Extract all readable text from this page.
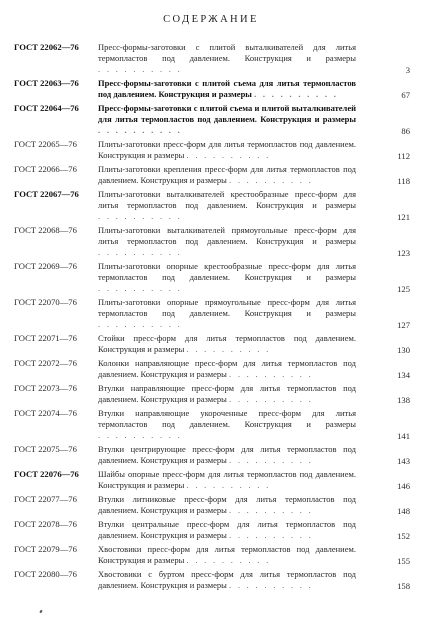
СОДЕРЖАНИЕ
ГОСТ 22062—76	Пресс-формы-заготовки с плитой выталкивателей для литья термопластов под давлением. Конструкция и размеры . . . . . . . . . .	3
ГОСТ 22063—76	Пресс-формы-заготовки с плитой съема для литья термопластов под давлением. Конструкция и размеры . . . . . . . . . .	67
ГОСТ 22064—76	Пресс-формы-заготовки с плитой съема и плитой выталкивателей для литья термопластов под давлением. Конструкция и размеры . . . . . . . . . .	86
ГОСТ 22065—76	Плиты-заготовки пресс-форм для литья термопластов под давлением. Конструкция и размеры . . . . . . . . . .	112
ГОСТ 22066—76	Плиты-заготовки крепления пресс-форм для литья термопластов под давлением. Конструкция и размеры . . . . . . . . . .	118
ГОСТ 22067—76	Плиты-заготовки выталкивателей крестообразные пресс-форм для литья термопластов под давлением. Конструкция и размеры . . . . . . . . . .	121
ГОСТ 22068—76	Плиты-заготовки выталкивателей прямоугольные пресс-форм для литья термопластов под давлением. Конструкция и размеры . . . . . . . . . .	123
ГОСТ 22069—76	Плиты-заготовки опорные крестообразные пресс-форм для литья термопластов под давлением. Конструкция и размеры . . . . . . . . . .	125
ГОСТ 22070—76	Плиты-заготовки опорные прямоугольные пресс-форм для литья термопластов под давлением. Конструкция и размеры . . . . . . . . . .	127
ГОСТ 22071—76	Стойки пресс-форм для литья термопластов под давлением. Конструкция и размеры . . . . . . . . . .	130
ГОСТ 22072—76	Колонки направляющие пресс-форм для литья термопластов под давлением. Конструкция и размеры . . . . . . . . . .	134
ГОСТ 22073—76	Втулки направляющие пресс-форм для литья термопластов под давлением. Конструкция и размеры . . . . . . . . . .	138
ГОСТ 22074—76	Втулки направляющие укороченные пресс-форм для литья термопластов под давлением. Конструкция и размеры . . . . . . . . . .	141
ГОСТ 22075—76	Втулки центрирующие пресс-форм для литья термопластов под давлением. Конструкция и размеры . . . . . . . . . .	143
ГОСТ 22076—76	Шайбы опорные пресс-форм для литья термопластов под давлением. Конструкция и размеры . . . . . . . . . .	146
ГОСТ 22077—76	Втулки литниковые пресс-форм для литья термопластов под давлением. Конструкция и размеры . . . . . . . . . .	148
ГОСТ 22078—76	Втулки центральные пресс-форм для литья термопластов под давлением. Конструкция и размеры . . . . . . . . . .	152
ГОСТ 22079—76	Хвостовики пресс-форм для литья термопластов под давлением. Конструкция и размеры . . . . . . . . . .	155
ГОСТ 22080—76	Хвостовики с буртом пресс-форм для литья термопластов под давлением. Конструкция и размеры . . . . . . . . . .	158
